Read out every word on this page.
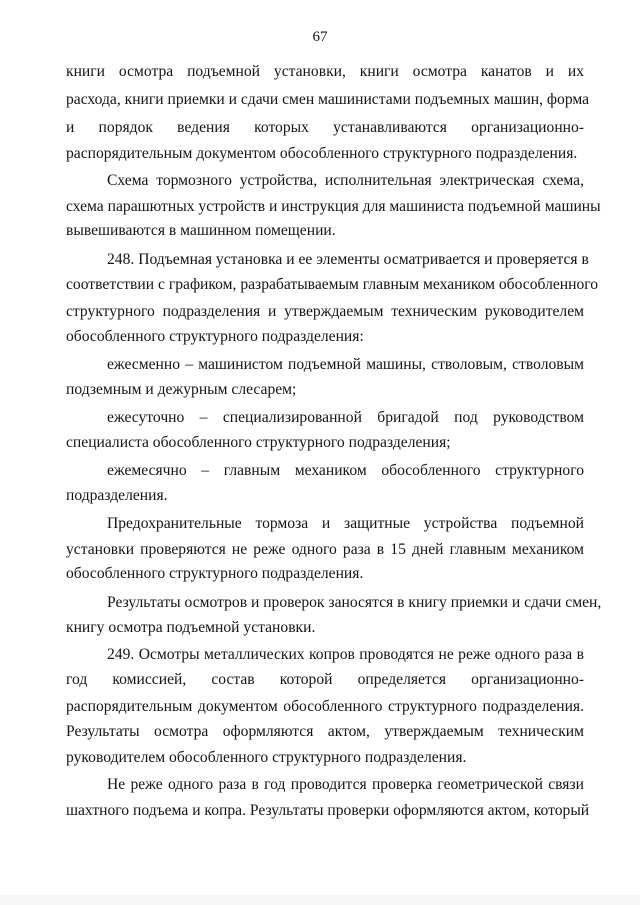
67
книги осмотра подъемной установки, книги осмотра канатов и их
расхода, книги приемки и сдачи смен машинистами подъемных машин, форма
и порядок ведения которых устанавливаются организационно-
распорядительным документом обособленного структурного подразделения.
Схема тормозного устройства, исполнительная электрическая схема,
схема парашютных устройств и инструкция для машиниста подъемной машины
вывешиваются в машинном помещении.
248. Подъемная установка и ее элементы осматривается и проверяется в
соответствии с графиком, разрабатываемым главным механиком обособленного
структурного подразделения и утверждаемым техническим руководителем
обособленного структурного подразделения:
ежесменно – машинистом подъемной машины, стволовым, стволовым
подземным и дежурным слесарем;
ежесуточно – специализированной бригадой под руководством
специалиста обособленного структурного подразделения;
ежемесячно – главным механиком обособленного структурного
подразделения.
Предохранительные тормоза и защитные устройства подъемной
установки проверяются не реже одного раза в 15 дней главным механиком
обособленного структурного подразделения.
Результаты осмотров и проверок заносятся в книгу приемки и сдачи смен,
книгу осмотра подъемной установки.
249. Осмотры металлических копров проводятся не реже одного раза в
год комиссией, состав которой определяется организационно-
распорядительным документом обособленного структурного подразделения.
Результаты осмотра оформляются актом, утверждаемым техническим
руководителем обособленного структурного подразделения.
Не реже одного раза в год проводится проверка геометрической связи
шахтного подъема и копра. Результаты проверки оформляются актом, который
